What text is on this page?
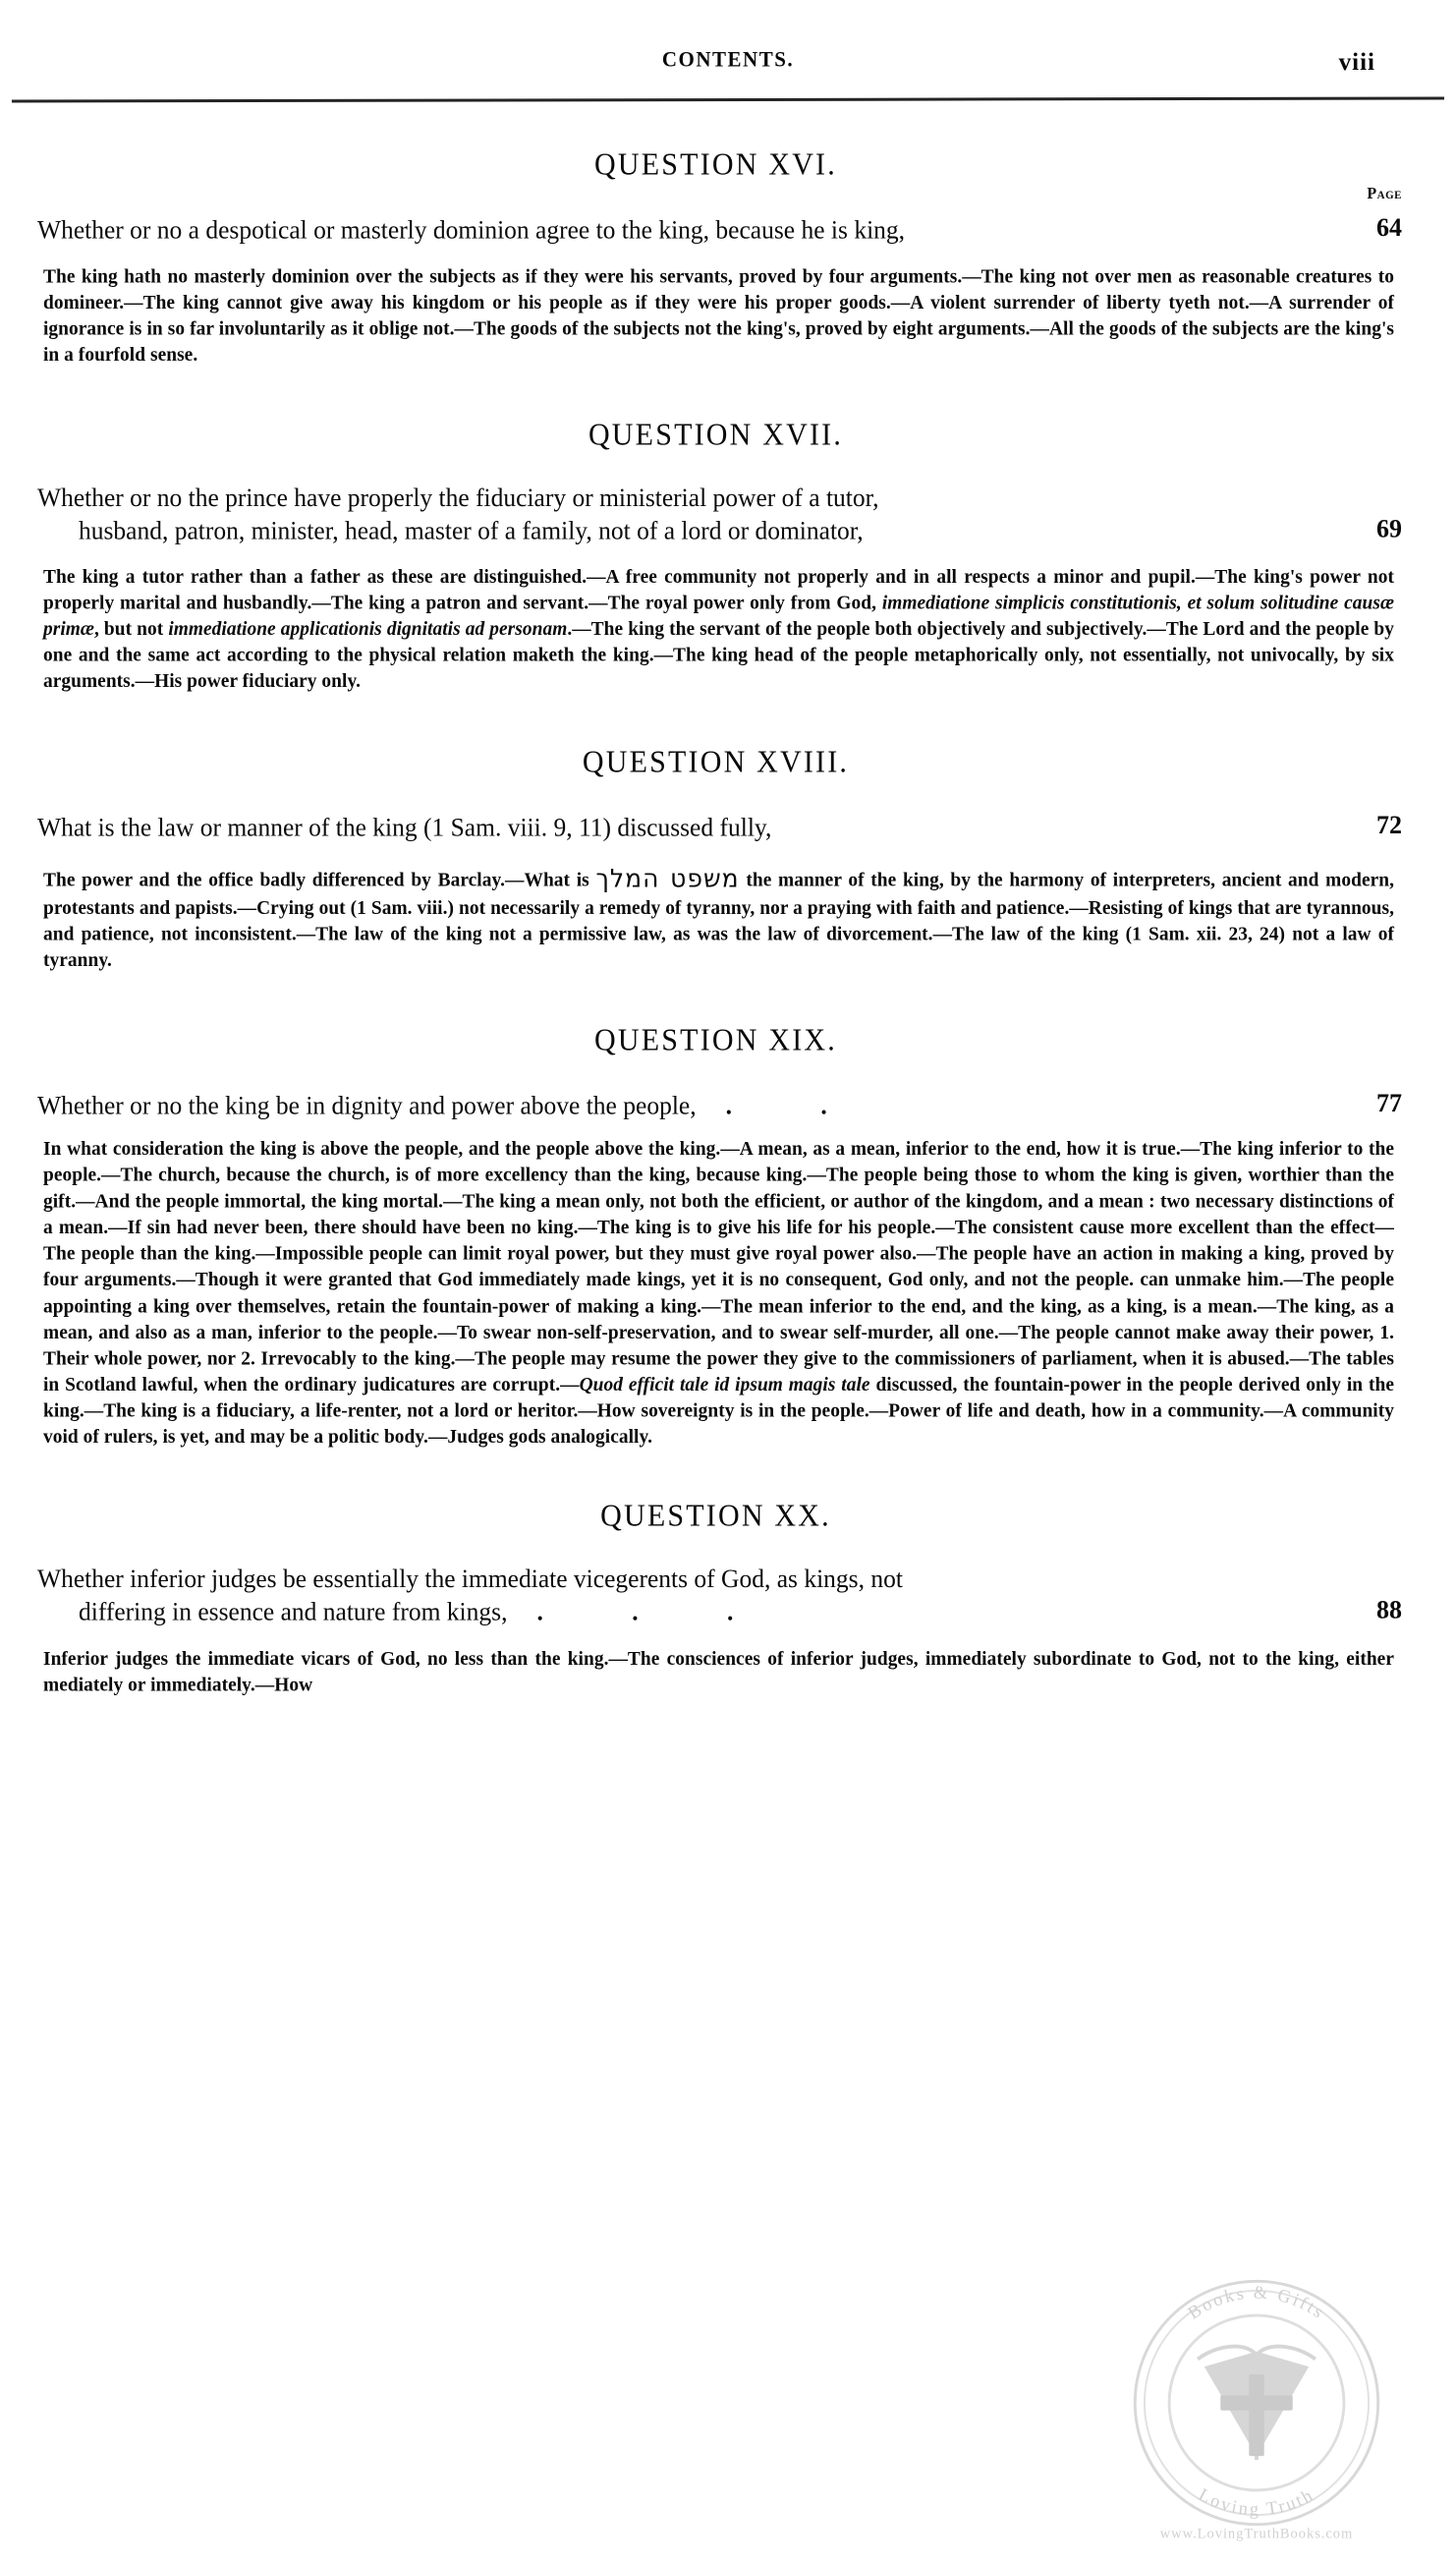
CONTENTS.	viii
QUESTION XVI.
Page
Whether or no a despotical or masterly dominion agree to the king, because he is king,	64

The king hath no masterly dominion over the subjects as if they were his servants, proved by four arguments.—The king not over men as reasonable creatures to domineer.—The king cannot give away his kingdom or his people as if they were his proper goods.—A violent surrender of liberty tyeth not.—A surrender of ignorance is in so far involuntarily as it oblige not.—The goods of the subjects not the king's, proved by eight arguments.—All the goods of the subjects are the king's in a fourfold sense.

QUESTION XVII.
Whether or no the prince have properly the fiduciary or ministerial power of a tutor,
husband, patron, minister, head, master of a family, not of a lord or dominator,	69

The king a tutor rather than a father as these are distinguished.—A free community not properly and in all respects a minor and pupil.—The king's power not properly marital and husbandly.—The king a patron and servant.—The royal power only from God, immediatione simplicis constitutionis, et solum solitudine causæ primæ, but not immediatione applicationis dignitatis ad personam.—The king the servant of the people both objectively and subjectively.—The Lord and the people by one and the same act according to the physical relation maketh the king.—The king head of the people metaphorically only, not essentially, not univocally, by six arguments.—His power fiduciary only.

QUESTION XVIII.
What is the law or manner of the king (1 Sam. viii. 9, 11) discussed fully,	72

The power and the office badly differenced by Barclay.—What is משפט המלך the manner of the king, by the harmony of interpreters, ancient and modern, protestants and papists.—Crying out (1 Sam. viii.) not necessarily a remedy of tyranny, nor a praying with faith and patience.—Resisting of kings that are tyrannous, and patience, not inconsistent.—The law of the king not a permissive law, as was the law of divorcement.—The law of the king (1 Sam. xii. 23, 24) not a law of tyranny.

QUESTION XIX.
Whether or no the king be in dignity and power above the people, . .	77

In what consideration the king is above the people, and the people above the king.—A mean, as a mean, inferior to the end, how it is true.—The king inferior to the people.—The church, because the church, is of more excellency than the king, because king.—The people being those to whom the king is given, worthier than the gift.—And the people immortal, the king mortal.—The king a mean only, not both the efficient, or author of the kingdom, and a mean : two necessary distinctions of a mean.—If sin had never been, there should have been no king.—The king is to give his life for his people.—The consistent cause more excellent than the effect—The people than the king.—Impossible people can limit royal power, but they must give royal power also.—The people have an action in making a king, proved by four arguments.—Though it were granted that God immediately made kings, yet it is no consequent, God only, and not the people. can unmake him.—The people appointing a king over themselves, retain the fountain-power of making a king.—The mean inferior to the end, and the king, as a king, is a mean.—The king, as a mean, and also as a man, inferior to the people.—To swear non-self-preservation, and to swear self-murder, all one.—The people cannot make away their power, 1. Their whole power, nor 2. Irrevocably to the king.—The people may resume the power they give to the commissioners of parliament, when it is abused.—The tables in Scotland lawful, when the ordinary judicatures are corrupt.—Quod efficit tale id ipsum magis tale discussed, the fountain-power in the people derived only in the king.—The king is a fiduciary, a life-renter, not a lord or heritor.—How sovereignty is in the people.—Power of life and death, how in a community.—A community void of rulers, is yet, and may be a politic body.—Judges gods analogically.

QUESTION XX.
Whether inferior judges be essentially the immediate vicegerents of God, as kings, not
differing in essence and nature from kings, . . .	88

Inferior judges the immediate vicars of God, no less than the king.—The consciences of inferior judges, immediately subordinate to God, not to the king, either mediately or immediately.—How

Books & Gifts
Loving Truth
www.LovingTruthBooks.com
